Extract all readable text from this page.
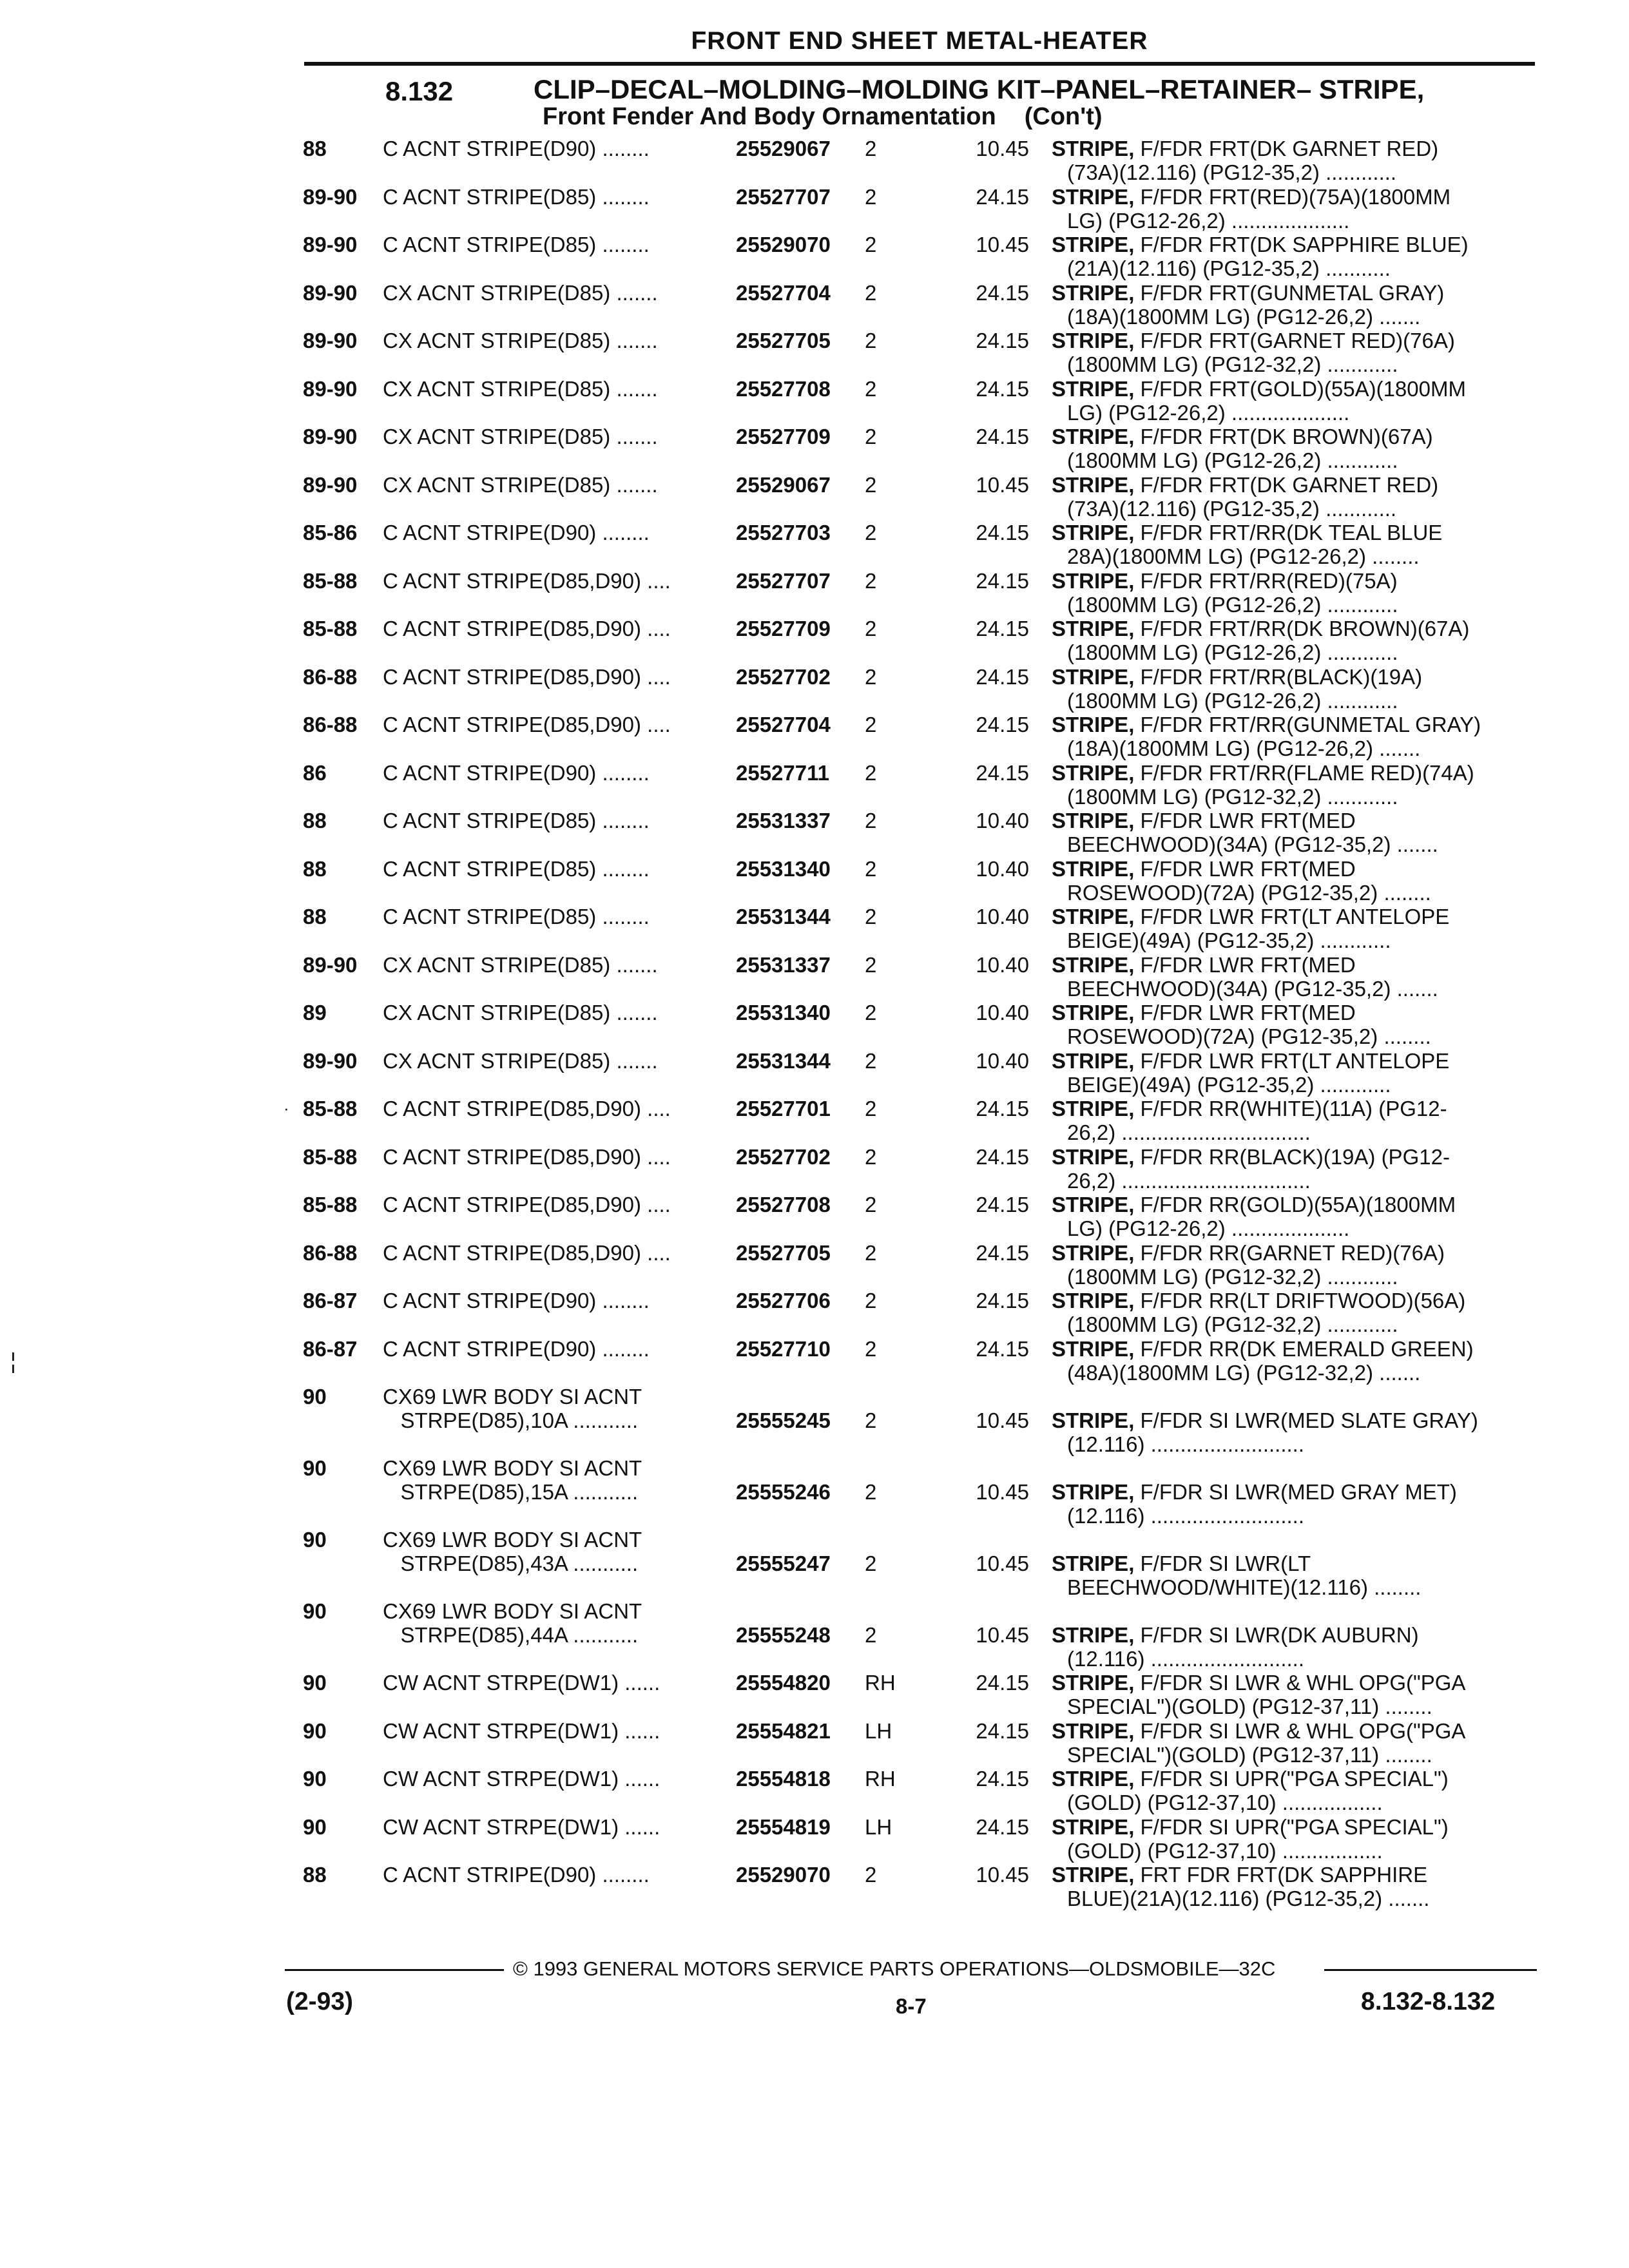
FRONT END SHEET METAL-HEATER
8.132	CLIP–DECAL–MOLDING–MOLDING KIT–PANEL–RETAINER– STRIPE,
Front Fender And Body Ornamentation (Con't)
¦
88	C ACNT STRIPE(D90) ........	25529067 2	10.45 STRIPE, F/FDR FRT(DK GARNET RED)
(73A)(12.116) (PG12-35,2) ............
89-90	C ACNT STRIPE(D85) ........	25527707 2	24.15 STRIPE, F/FDR FRT(RED)(75A)(1800MM
LG) (PG12-26,2) ....................
89-90	C ACNT STRIPE(D85) ........	25529070 2	10.45 STRIPE, F/FDR FRT(DK SAPPHIRE BLUE)
(21A)(12.116) (PG12-35,2) ...........
89-90	CX ACNT STRIPE(D85) .......	25527704 2	24.15 STRIPE, F/FDR FRT(GUNMETAL GRAY)
(18A)(1800MM LG) (PG12-26,2) .......
89-90	CX ACNT STRIPE(D85) .......	25527705 2	24.15 STRIPE, F/FDR FRT(GARNET RED)(76A)
(1800MM LG) (PG12-32,2) ............
89-90	CX ACNT STRIPE(D85) .......	25527708 2	24.15 STRIPE, F/FDR FRT(GOLD)(55A)(1800MM
LG) (PG12-26,2) ....................
89-90	CX ACNT STRIPE(D85) .......	25527709 2	24.15 STRIPE, F/FDR FRT(DK BROWN)(67A)
(1800MM LG) (PG12-26,2) ............
89-90	CX ACNT STRIPE(D85) .......	25529067 2	10.45 STRIPE, F/FDR FRT(DK GARNET RED)
(73A)(12.116) (PG12-35,2) ............
85-86	C ACNT STRIPE(D90) ........	25527703 2	24.15 STRIPE, F/FDR FRT/RR(DK TEAL BLUE
28A)(1800MM LG) (PG12-26,2) ........
85-88	C ACNT STRIPE(D85,D90) ....	25527707 2	24.15 STRIPE, F/FDR FRT/RR(RED)(75A)
(1800MM LG) (PG12-26,2) ............
85-88	C ACNT STRIPE(D85,D90) ....	25527709 2	24.15 STRIPE, F/FDR FRT/RR(DK BROWN)(67A)
(1800MM LG) (PG12-26,2) ............
86-88	C ACNT STRIPE(D85,D90) ....	25527702 2	24.15 STRIPE, F/FDR FRT/RR(BLACK)(19A)
(1800MM LG) (PG12-26,2) ............
86-88	C ACNT STRIPE(D85,D90) ....	25527704 2	24.15 STRIPE, F/FDR FRT/RR(GUNMETAL GRAY)
(18A)(1800MM LG) (PG12-26,2) .......
86	C ACNT STRIPE(D90) ........	25527711 2	24.15 STRIPE, F/FDR FRT/RR(FLAME RED)(74A)
(1800MM LG) (PG12-32,2) ............
88	C ACNT STRIPE(D85) ........	25531337 2	10.40 STRIPE, F/FDR LWR FRT(MED
BEECHWOOD)(34A) (PG12-35,2) .......
88	C ACNT STRIPE(D85) ........	25531340 2	10.40 STRIPE, F/FDR LWR FRT(MED
ROSEWOOD)(72A) (PG12-35,2) ........
88	C ACNT STRIPE(D85) ........	25531344 2	10.40 STRIPE, F/FDR LWR FRT(LT ANTELOPE
BEIGE)(49A) (PG12-35,2) ............
89-90	CX ACNT STRIPE(D85) .......	25531337 2	10.40 STRIPE, F/FDR LWR FRT(MED
BEECHWOOD)(34A) (PG12-35,2) .......
89	CX ACNT STRIPE(D85) .......	25531340 2	10.40 STRIPE, F/FDR LWR FRT(MED
ROSEWOOD)(72A) (PG12-35,2) ........
89-90	CX ACNT STRIPE(D85) .......	25531344 2	10.40 STRIPE, F/FDR LWR FRT(LT ANTELOPE
BEIGE)(49A) (PG12-35,2) ............
· 85-88	C ACNT STRIPE(D85,D90) ....	25527701 2	24.15 STRIPE, F/FDR RR(WHITE)(11A) (PG12-
26,2) ................................
85-88	C ACNT STRIPE(D85,D90) ....	25527702 2	24.15 STRIPE, F/FDR RR(BLACK)(19A) (PG12-
26,2) ................................
85-88	C ACNT STRIPE(D85,D90) ....	25527708 2	24.15 STRIPE, F/FDR RR(GOLD)(55A)(1800MM
LG) (PG12-26,2) ....................
86-88	C ACNT STRIPE(D85,D90) ....	25527705 2	24.15 STRIPE, F/FDR RR(GARNET RED)(76A)
(1800MM LG) (PG12-32,2) ............
86-87	C ACNT STRIPE(D90) ........	25527706 2	24.15 STRIPE, F/FDR RR(LT DRIFTWOOD)(56A)
(1800MM LG) (PG12-32,2) ............
86-87	C ACNT STRIPE(D90) ........	25527710 2	24.15 STRIPE, F/FDR RR(DK EMERALD GREEN)
(48A)(1800MM LG) (PG12-32,2) .......
90	CX69 LWR BODY SI ACNT
STRPE(D85),10A ...........	25555245 2	10.45 STRIPE, F/FDR SI LWR(MED SLATE GRAY)
(12.116) ..........................
90	CX69 LWR BODY SI ACNT
STRPE(D85),15A ...........	25555246 2	10.45 STRIPE, F/FDR SI LWR(MED GRAY MET)
(12.116) ..........................
90	CX69 LWR BODY SI ACNT
STRPE(D85),43A ...........	25555247 2	10.45 STRIPE, F/FDR SI LWR(LT
BEECHWOOD/WHITE)(12.116) ........
90	CX69 LWR BODY SI ACNT
STRPE(D85),44A ...........	25555248 2	10.45 STRIPE, F/FDR SI LWR(DK AUBURN)
(12.116) ..........................
90	CW ACNT STRPE(DW1) ......	25554820 RH	24.15 STRIPE, F/FDR SI LWR & WHL OPG("PGA
SPECIAL")(GOLD) (PG12-37,11) ........
90	CW ACNT STRPE(DW1) ......	25554821 LH	24.15 STRIPE, F/FDR SI LWR & WHL OPG("PGA
SPECIAL")(GOLD) (PG12-37,11) ........
90	CW ACNT STRPE(DW1) ......	25554818 RH	24.15 STRIPE, F/FDR SI UPR("PGA SPECIAL")
(GOLD) (PG12-37,10) .................
90	CW ACNT STRPE(DW1) ......	25554819 LH	24.15 STRIPE, F/FDR SI UPR("PGA SPECIAL")
(GOLD) (PG12-37,10) .................
88	C ACNT STRIPE(D90) ........	25529070 2	10.45 STRIPE, FRT FDR FRT(DK SAPPHIRE
BLUE)(21A)(12.116) (PG12-35,2) .......
© 1993 GENERAL MOTORS SERVICE PARTS OPERATIONS—OLDSMOBILE—32C
(2-93)	8-7	8.132-8.132
